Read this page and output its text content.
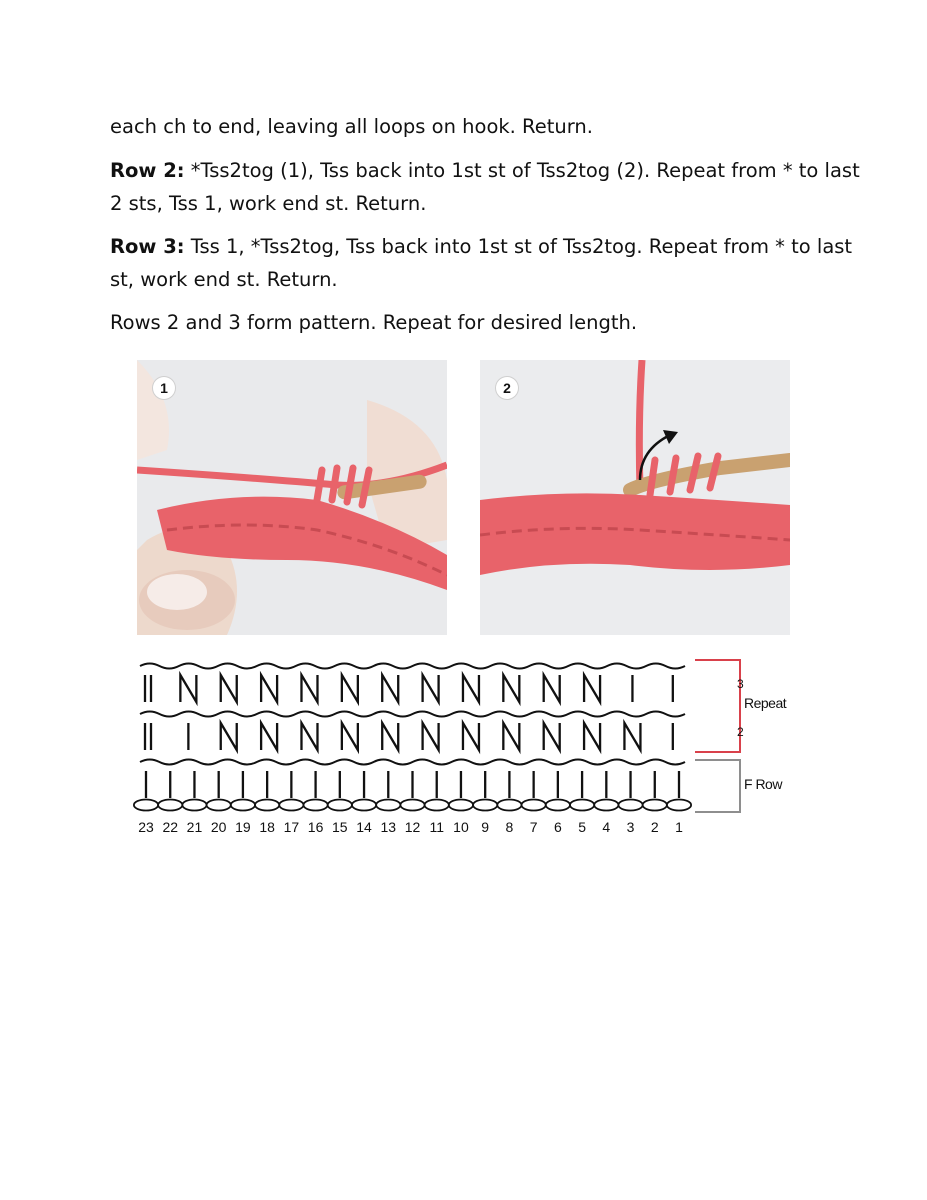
each ch to end, leaving all loops on hook. Return.

Row 2: *Tss2tog (1), Tss back into 1st st of Tss2tog (2). Repeat from * to last 2 sts, Tss 1, work end st. Return.

Row 3: Tss 1, *Tss2tog, Tss back into 1st st of Tss2tog. Repeat from * to last st, work end st. Return.

Rows 2 and 3 form pattern. Repeat for desired length.

1	2
3
2
Repeat
F Row
23 22 21 20 19 18 17 16 15 14 13 12 11 10 9 8 7 6 5 4 3 2 1
